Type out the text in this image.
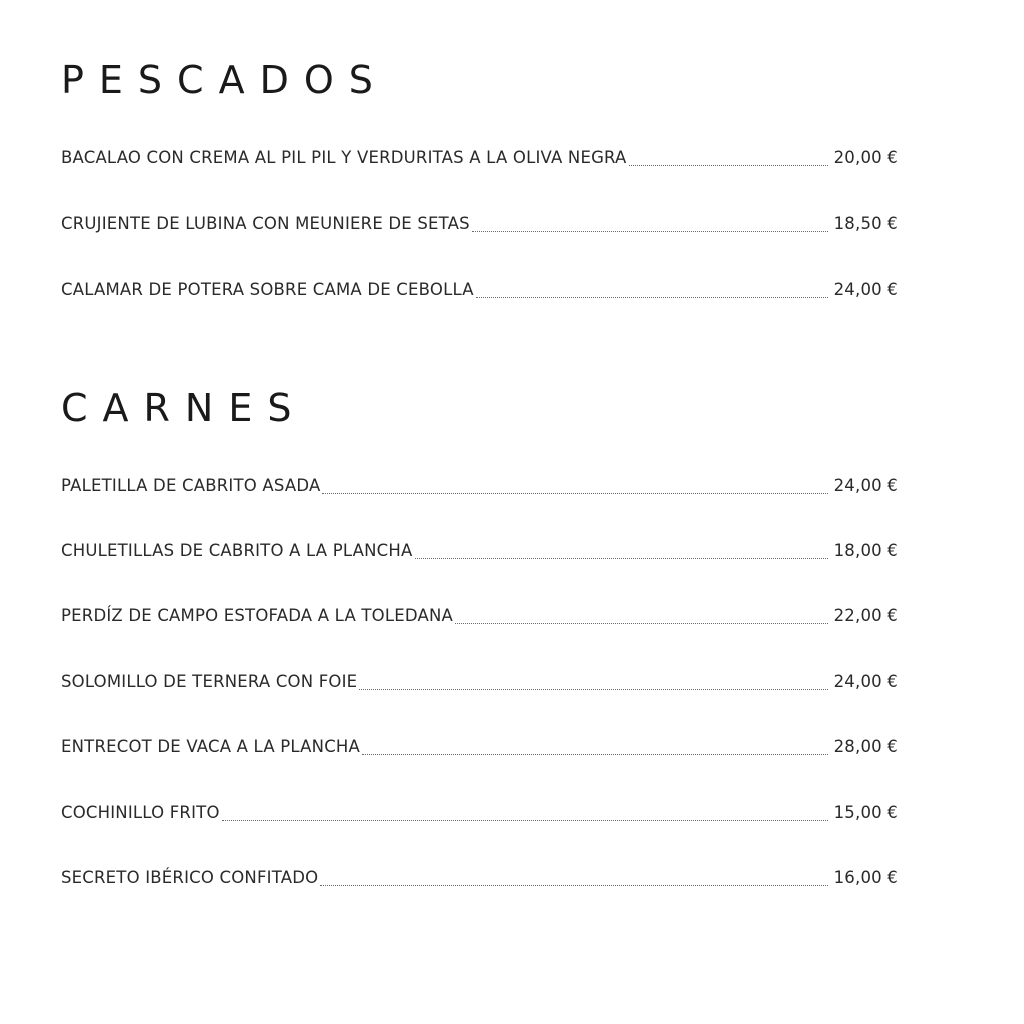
PESCADOS
BACALAO CON CREMA AL PIL PIL Y VERDURITAS A LA OLIVA NEGRA	20,00 €
CRUJIENTE DE LUBINA CON MEUNIERE DE SETAS	18,50 €
CALAMAR DE POTERA SOBRE CAMA DE CEBOLLA	24,00 €
CARNES
PALETILLA DE CABRITO ASADA	24,00 €
CHULETILLAS DE CABRITO A LA PLANCHA	18,00 €
PERDÍZ DE CAMPO ESTOFADA A LA TOLEDANA	22,00 €
SOLOMILLO DE TERNERA CON FOIE	24,00 €
ENTRECOT DE VACA A LA PLANCHA	28,00 €
COCHINILLO FRITO	15,00 €
SECRETO IBÉRICO CONFITADO	16,00 €
